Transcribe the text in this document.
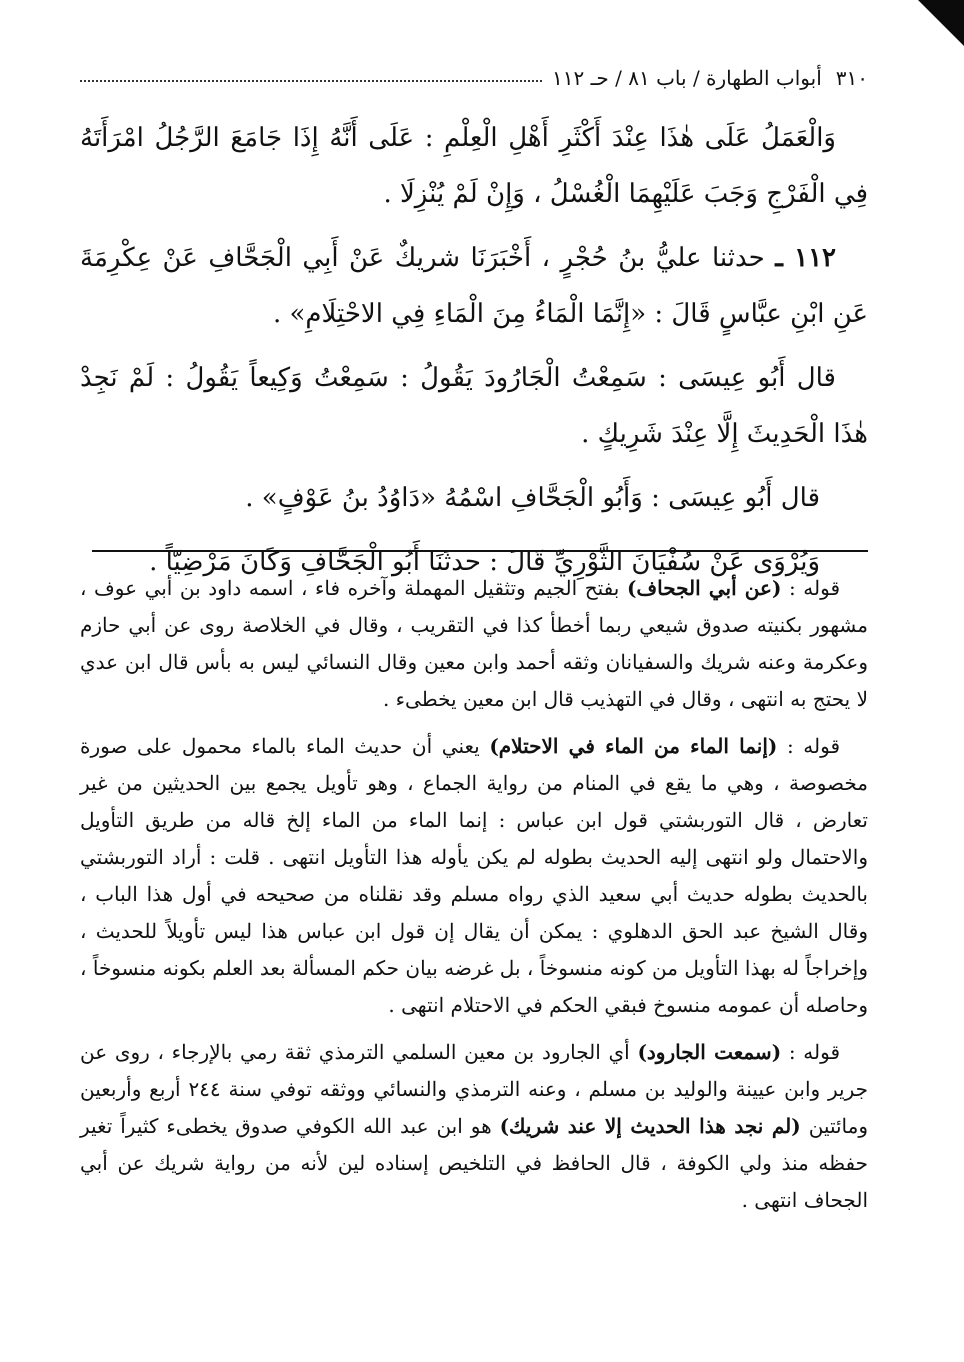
٣١٠
أبواب الطهارة / باب ٨١ / حـ ١١٢

وَالْعَمَلُ عَلَى هٰذَا عِنْدَ أَكْثَرِ أَهْلِ الْعِلْمِ : عَلَى أَنَّهُ إِذَا جَامَعَ الرَّجُلُ امْرَأَتَهُ فِي الْفَرْجِ وَجَبَ عَلَيْهِمَا الْغُسْلُ ، وَإِنْ لَمْ يُنْزِلَا .

١١٢ ـ حدثنا عليُّ بنُ حُجْرٍ ، أَخْبَرَنَا شريكٌ عَنْ أَبِي الْجَحَّافِ عَنْ عِكْرِمَةَ عَنِ ابْنِ عبَّاسٍ قَالَ : «إِنَّمَا الْمَاءُ مِنَ الْمَاءِ فِي الاحْتِلَامِ» .

قال أَبُو عِيسَى : سَمِعْتُ الْجَارُودَ يَقُولُ : سَمِعْتُ وَكِيعاً يَقُولُ : لَمْ نَجِدْ هٰذَا الْحَدِيثَ إِلَّا عِنْدَ شَرِيكٍ .

قال أَبُو عِيسَى : وَأَبُو الْجَحَّافِ اسْمُهُ «دَاوُدُ بنُ عَوْفٍ» .

وَيُرْوَى عَنْ سُفْيَانَ الثَّوْرِيِّ قَالَ : حدثَنَا أَبُو الْجَحَّافِ وَكَانَ مَرْضِيّاً .

قوله : (عن أبي الجحاف) بفتح الجيم وتثقيل المهملة وآخره فاء ، اسمه داود بن أبي عوف ، مشهور بكنيته صدوق شيعي ربما أخطأ كذا في التقريب ، وقال في الخلاصة روى عن أبي حازم وعكرمة وعنه شريك والسفيانان وثقه أحمد وابن معين وقال النسائي ليس به بأس قال ابن عدي لا يحتج به انتهى ، وقال في التهذيب قال ابن معين يخطىء .

قوله : (إنما الماء من الماء في الاحتلام) يعني أن حديث الماء بالماء محمول على صورة مخصوصة ، وهي ما يقع في المنام من رواية الجماع ، وهو تأويل يجمع بين الحديثين من غير تعارض ، قال التوربشتي قول ابن عباس : إنما الماء من الماء إلخ قاله من طريق التأويل والاحتمال ولو انتهى إليه الحديث بطوله لم يكن يأوله هذا التأويل انتهى . قلت : أراد التوربشتي بالحديث بطوله حديث أبي سعيد الذي رواه مسلم وقد نقلناه من صحيحه في أول هذا الباب ، وقال الشيخ عبد الحق الدهلوي : يمكن أن يقال إن قول ابن عباس هذا ليس تأويلاً للحديث ، وإخراجاً له بهذا التأويل من كونه منسوخاً ، بل غرضه بيان حكم المسألة بعد العلم بكونه منسوخاً ، وحاصله أن عمومه منسوخ فبقي الحكم في الاحتلام انتهى .

قوله : (سمعت الجارود) أي الجارود بن معين السلمي الترمذي ثقة رمي بالإرجاء ، روى عن جرير وابن عيينة والوليد بن مسلم ، وعنه الترمذي والنسائي ووثقه توفي سنة ٢٤٤ أربع وأربعين ومائتين (لم نجد هذا الحديث إلا عند شريك) هو ابن عبد الله الكوفي صدوق يخطىء كثيراً تغير حفظه منذ ولي الكوفة ، قال الحافظ في التلخيص إسناده لين لأنه من رواية شريك عن أبي الجحاف انتهى .
